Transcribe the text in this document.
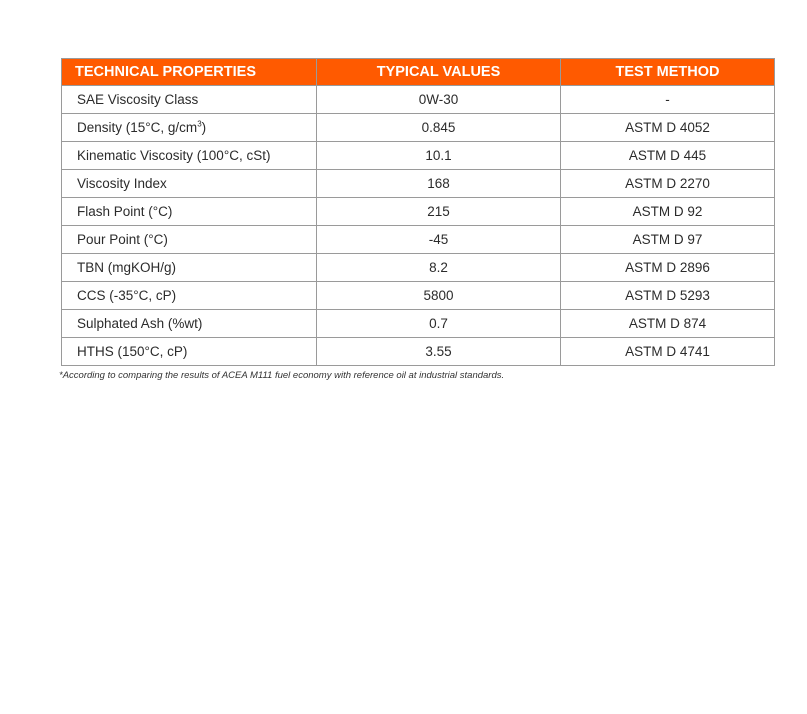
TECHNICAL PROPERTIES	TYPICAL VALUES	TEST METHOD
SAE Viscosity Class	0W-30	-
Density (15°C, $g/cm^3$)	0.845	ASTM D 4052
Kinematic Viscosity (100°C, cSt)	10.1	ASTM D 445
Viscosity Index	168	ASTM D 2270
Flash Point (°C)	215	ASTM D 92
Pour Point (°C)	-45	ASTM D 97
TBN (mgKOH/g)	8.2	ASTM D 2896
CCS (-35°C, cP)	5800	ASTM D 5293
Sulphated Ash (%wt)	0.7	ASTM D 874
HTHS (150°C, cP)	3.55	ASTM D 4741
*According to comparing the results of ACEA M111 fuel economy with reference oil at industrial standards.
